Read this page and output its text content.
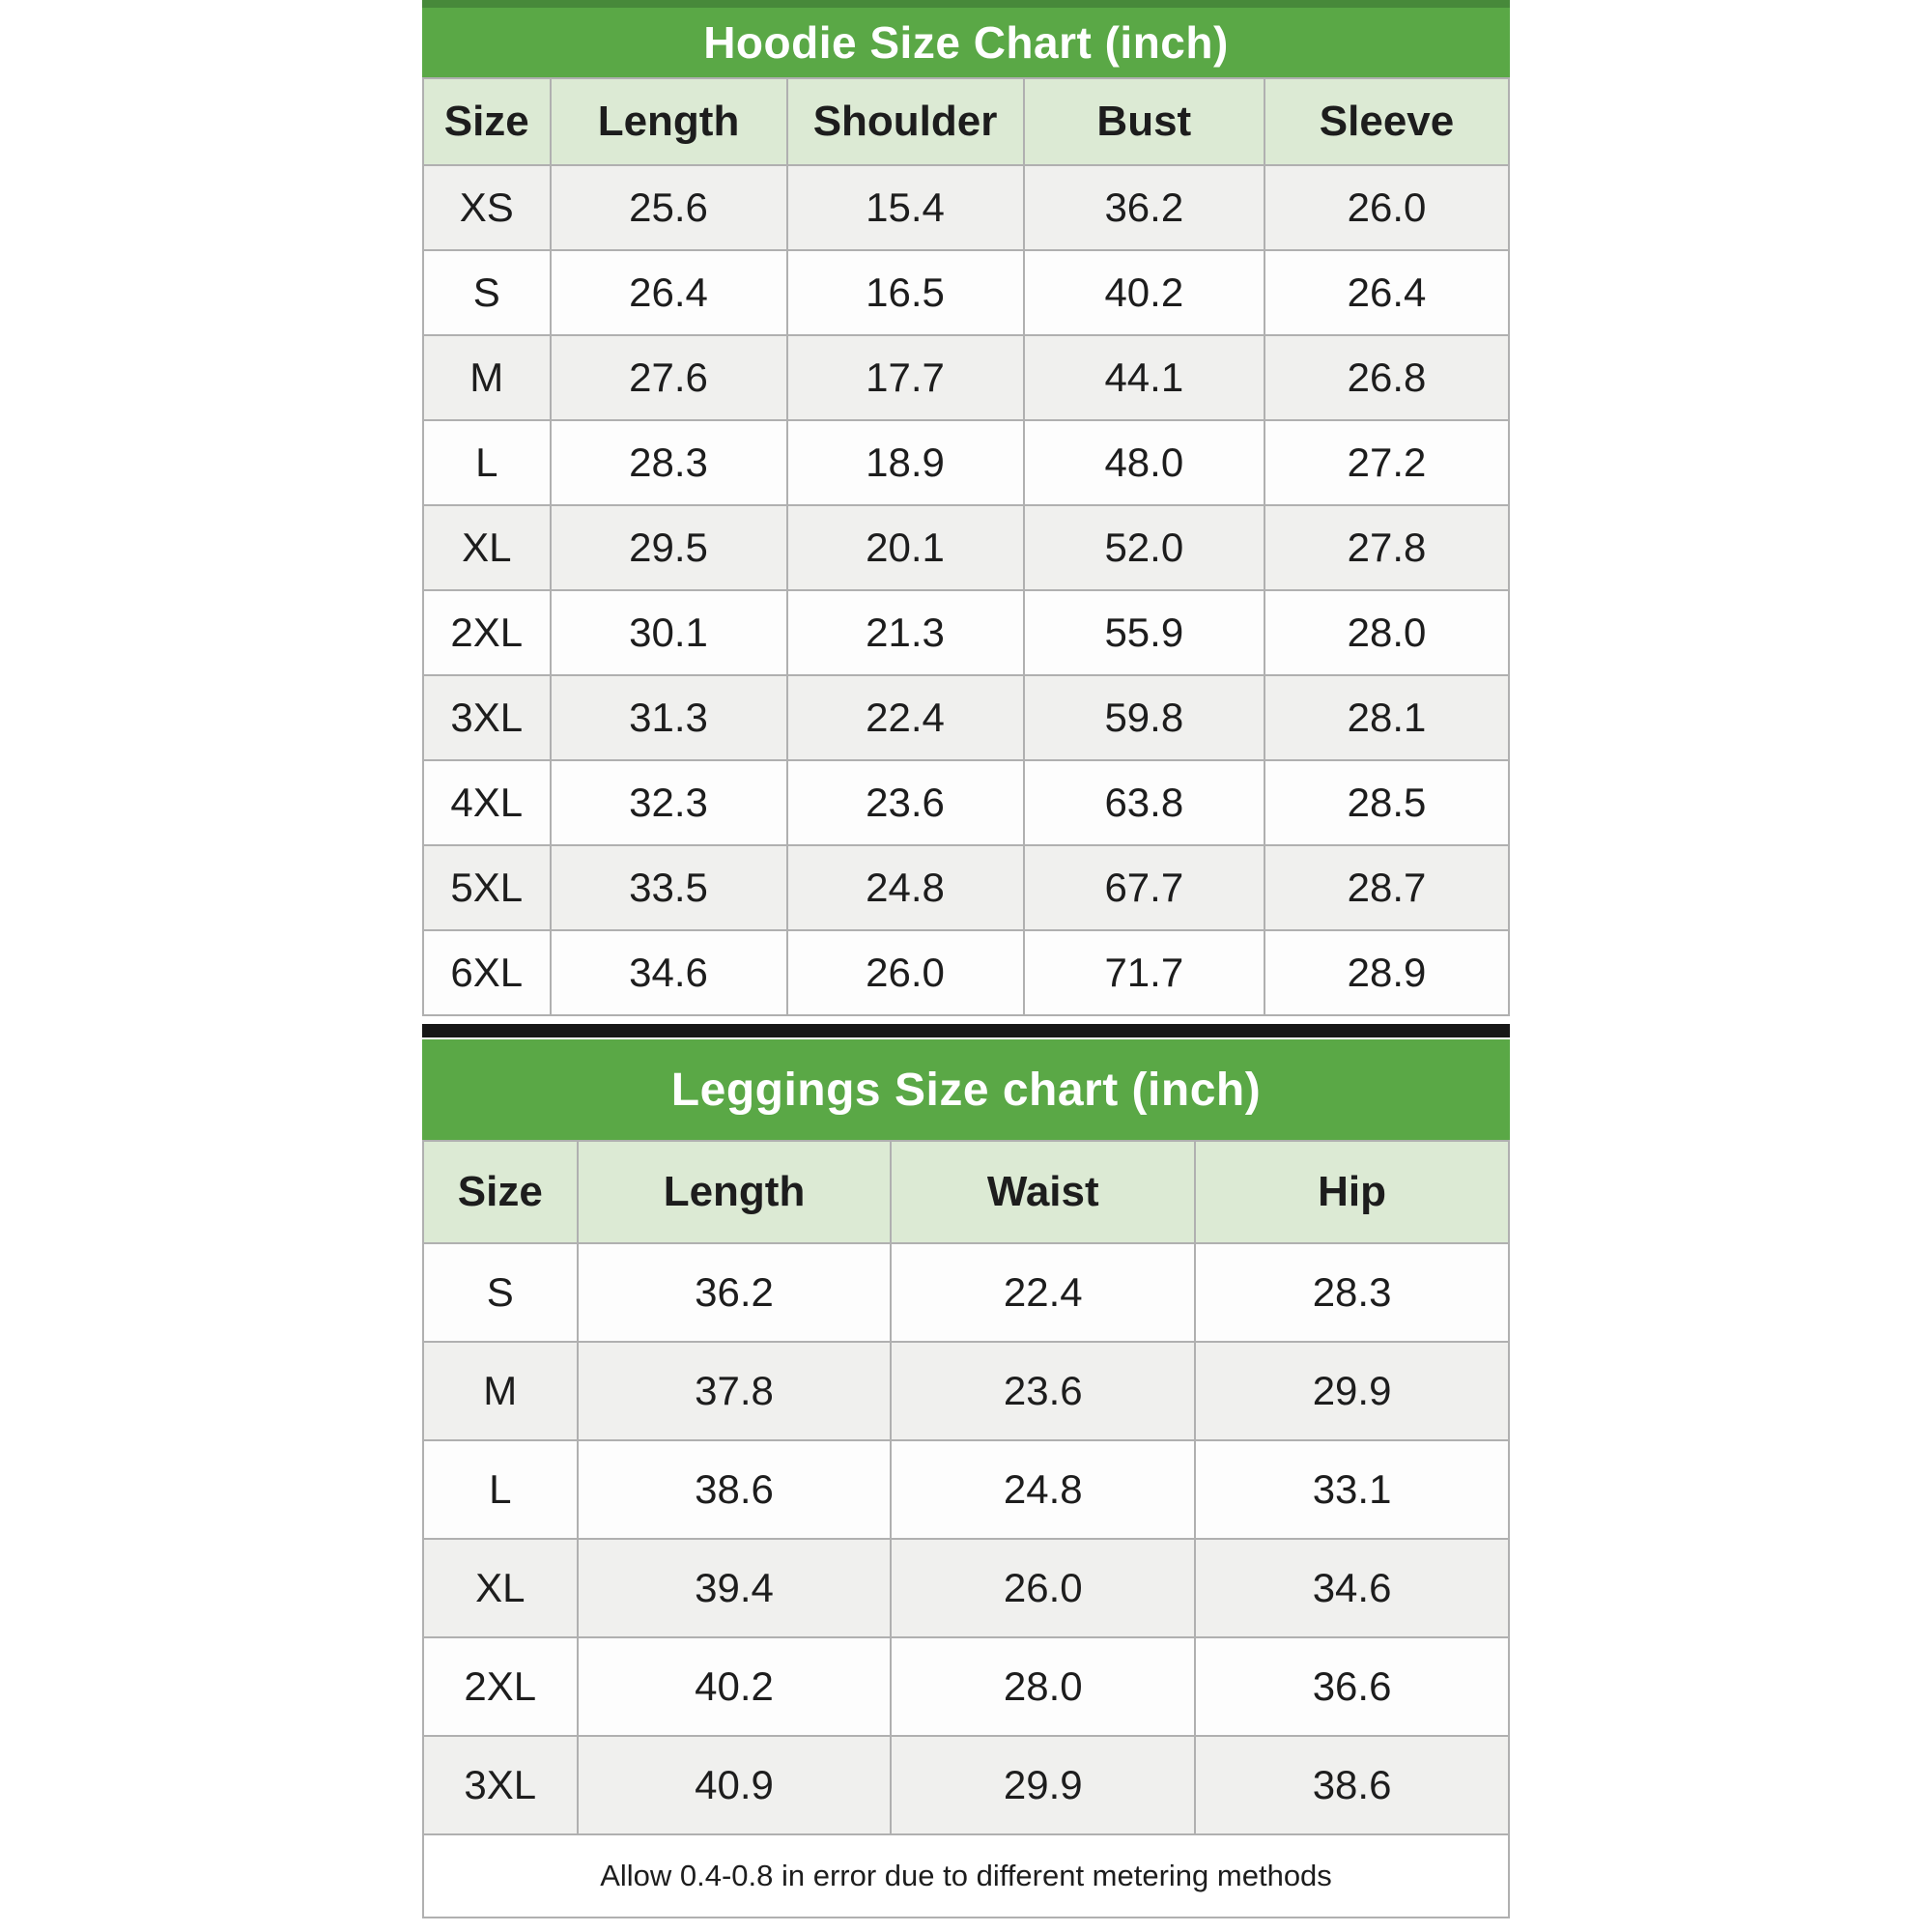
Hoodie Size Chart (inch)
Size	Length	Shoulder	Bust	Sleeve
XS	25.6	15.4	36.2	26.0
S	26.4	16.5	40.2	26.4
M	27.6	17.7	44.1	26.8
L	28.3	18.9	48.0	27.2
XL	29.5	20.1	52.0	27.8
2XL	30.1	21.3	55.9	28.0
3XL	31.3	22.4	59.8	28.1
4XL	32.3	23.6	63.8	28.5
5XL	33.5	24.8	67.7	28.7
6XL	34.6	26.0	71.7	28.9
Leggings Size chart (inch)
Size	Length	Waist	Hip
S	36.2	22.4	28.3
M	37.8	23.6	29.9
L	38.6	24.8	33.1
XL	39.4	26.0	34.6
2XL	40.2	28.0	36.6
3XL	40.9	29.9	38.6
Allow 0.4-0.8 in error due to different metering methods
